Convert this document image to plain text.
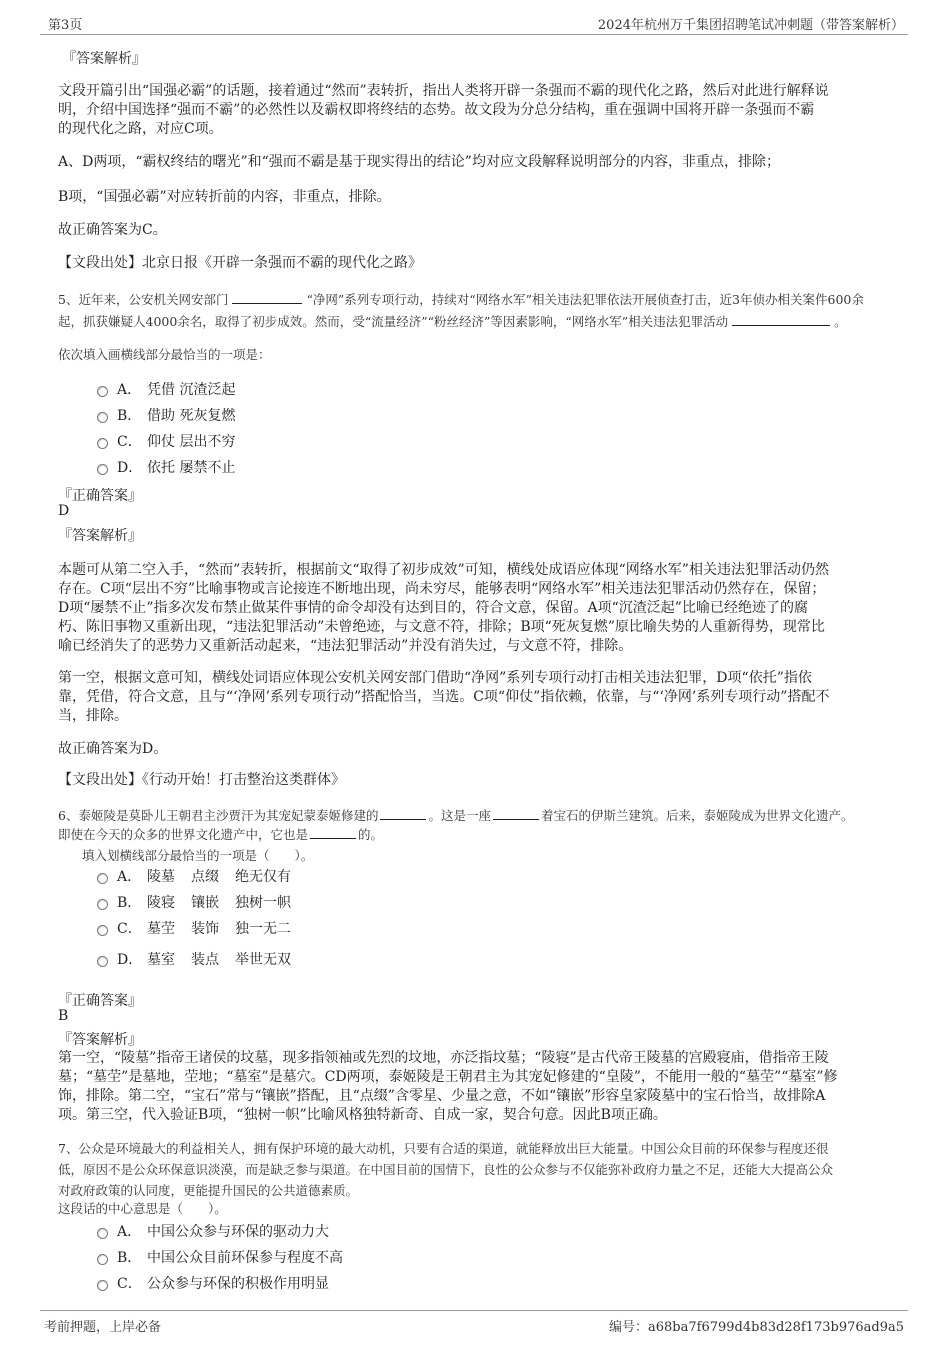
第3页	2024年杭州万千集团招聘笔试冲刺题（带答案解析）
『答案解析』
文段开篇引出“国强必霸”的话题，接着通过“然而”表转折，指出人类将开辟一条强而不霸的现代化之路，然后对此进行解释说
明，介绍中国选择“强而不霸”的必然性以及霸权即将终结的态势。故文段为分总分结构，重在强调中国将开辟一条强而不霸
的现代化之路，对应C项。
A、D两项，“霸权终结的曙光”和“强而不霸是基于现实得出的结论”均对应文段解释说明部分的内容，非重点，排除；
B项，“国强必霸”对应转折前的内容，非重点，排除。
故正确答案为C。
【文段出处】北京日报《开辟一条强而不霸的现代化之路》
5、近年来，公安机关网安部门	“净网”系列专项行动，持续对“网络水军”相关违法犯罪依法开展侦查打击，近3年侦办相关案件600余
起，抓获嫌疑人4000余名，取得了初步成效。然而，受“流量经济”“粉丝经济”等因素影响，“网络水军”相关违法犯罪活动	。
依次填入画横线部分最恰当的一项是：
A． 凭借 沉渣泛起
B． 借助 死灰复燃
C． 仰仗 层出不穷
D． 依托 屡禁不止
『正确答案』
D
『答案解析』
本题可从第二空入手，“然而”表转折，根据前文“取得了初步成效”可知，横线处成语应体现“网络水军”相关违法犯罪活动仍然
存在。C项“层出不穷”比喻事物或言论接连不断地出现，尚未穷尽，能够表明“网络水军”相关违法犯罪活动仍然存在，保留；
D项“屡禁不止”指多次发布禁止做某件事情的命令却没有达到目的，符合文意，保留。A项“沉渣泛起”比喻已经绝迹了的腐
朽、陈旧事物又重新出现，“违法犯罪活动”未曾绝迹，与文意不符，排除；B项“死灰复燃”原比喻失势的人重新得势，现常比
喻已经消失了的恶势力又重新活动起来，“违法犯罪活动”并没有消失过，与文意不符，排除。
第一空，根据文意可知，横线处词语应体现公安机关网安部门借助“净网”系列专项行动打击相关违法犯罪，D项“依托”指依
靠，凭借，符合文意，且与“‘净网’系列专项行动”搭配恰当，当选。C项“仰仗”指依赖，依靠，与“‘净网’系列专项行动”搭配不
当，排除。
故正确答案为D。
【文段出处】《行动开始！打击整治这类群体》
6、泰姬陵是莫卧儿王朝君主沙贾汗为其宠妃蒙泰姬修建的	。这是一座	着宝石的伊斯兰建筑。后来，泰姬陵成为世界文化遗产。
即使在今天的众多的世界文化遗产中，它也是	的。
填入划横线部分最恰当的一项是（　　）。
A． 陵墓 点缀 绝无仅有
B． 陵寝 镶嵌 独树一帜
C． 墓茔 装饰 独一无二
D． 墓室 装点 举世无双
『正确答案』
B
『答案解析』
第一空，“陵墓”指帝王诸侯的坟墓，现多指领袖或先烈的坟地，亦泛指坟墓；“陵寝”是古代帝王陵墓的宫殿寝庙，借指帝王陵
墓；“墓茔”是墓地，茔地；“墓室”是墓穴。CD两项，泰姬陵是王朝君主为其宠妃修建的“皇陵”，不能用一般的“墓茔”“墓室”修
饰，排除。第二空，“宝石”常与“镶嵌”搭配，且“点缀”含零星、少量之意，不如“镶嵌”形容皇家陵墓中的宝石恰当，故排除A
项。第三空，代入验证B项，“独树一帜”比喻风格独特新奇、自成一家，契合句意。因此B项正确。
7、公众是环境最大的利益相关人，拥有保护环境的最大动机，只要有合适的渠道，就能释放出巨大能量。中国公众目前的环保参与程度还很
低，原因不是公众环保意识淡漠，而是缺乏参与渠道。在中国目前的国情下，良性的公众参与不仅能弥补政府力量之不足，还能大大提高公众
对政府政策的认同度，更能提升国民的公共道德素质。
这段话的中心意思是（　　）。
A． 中国公众参与环保的驱动力大
B． 中国公众目前环保参与程度不高
C． 公众参与环保的积极作用明显
考前押题，上岸必备	编号：a68ba7f6799d4b83d28f173b976ad9a5
